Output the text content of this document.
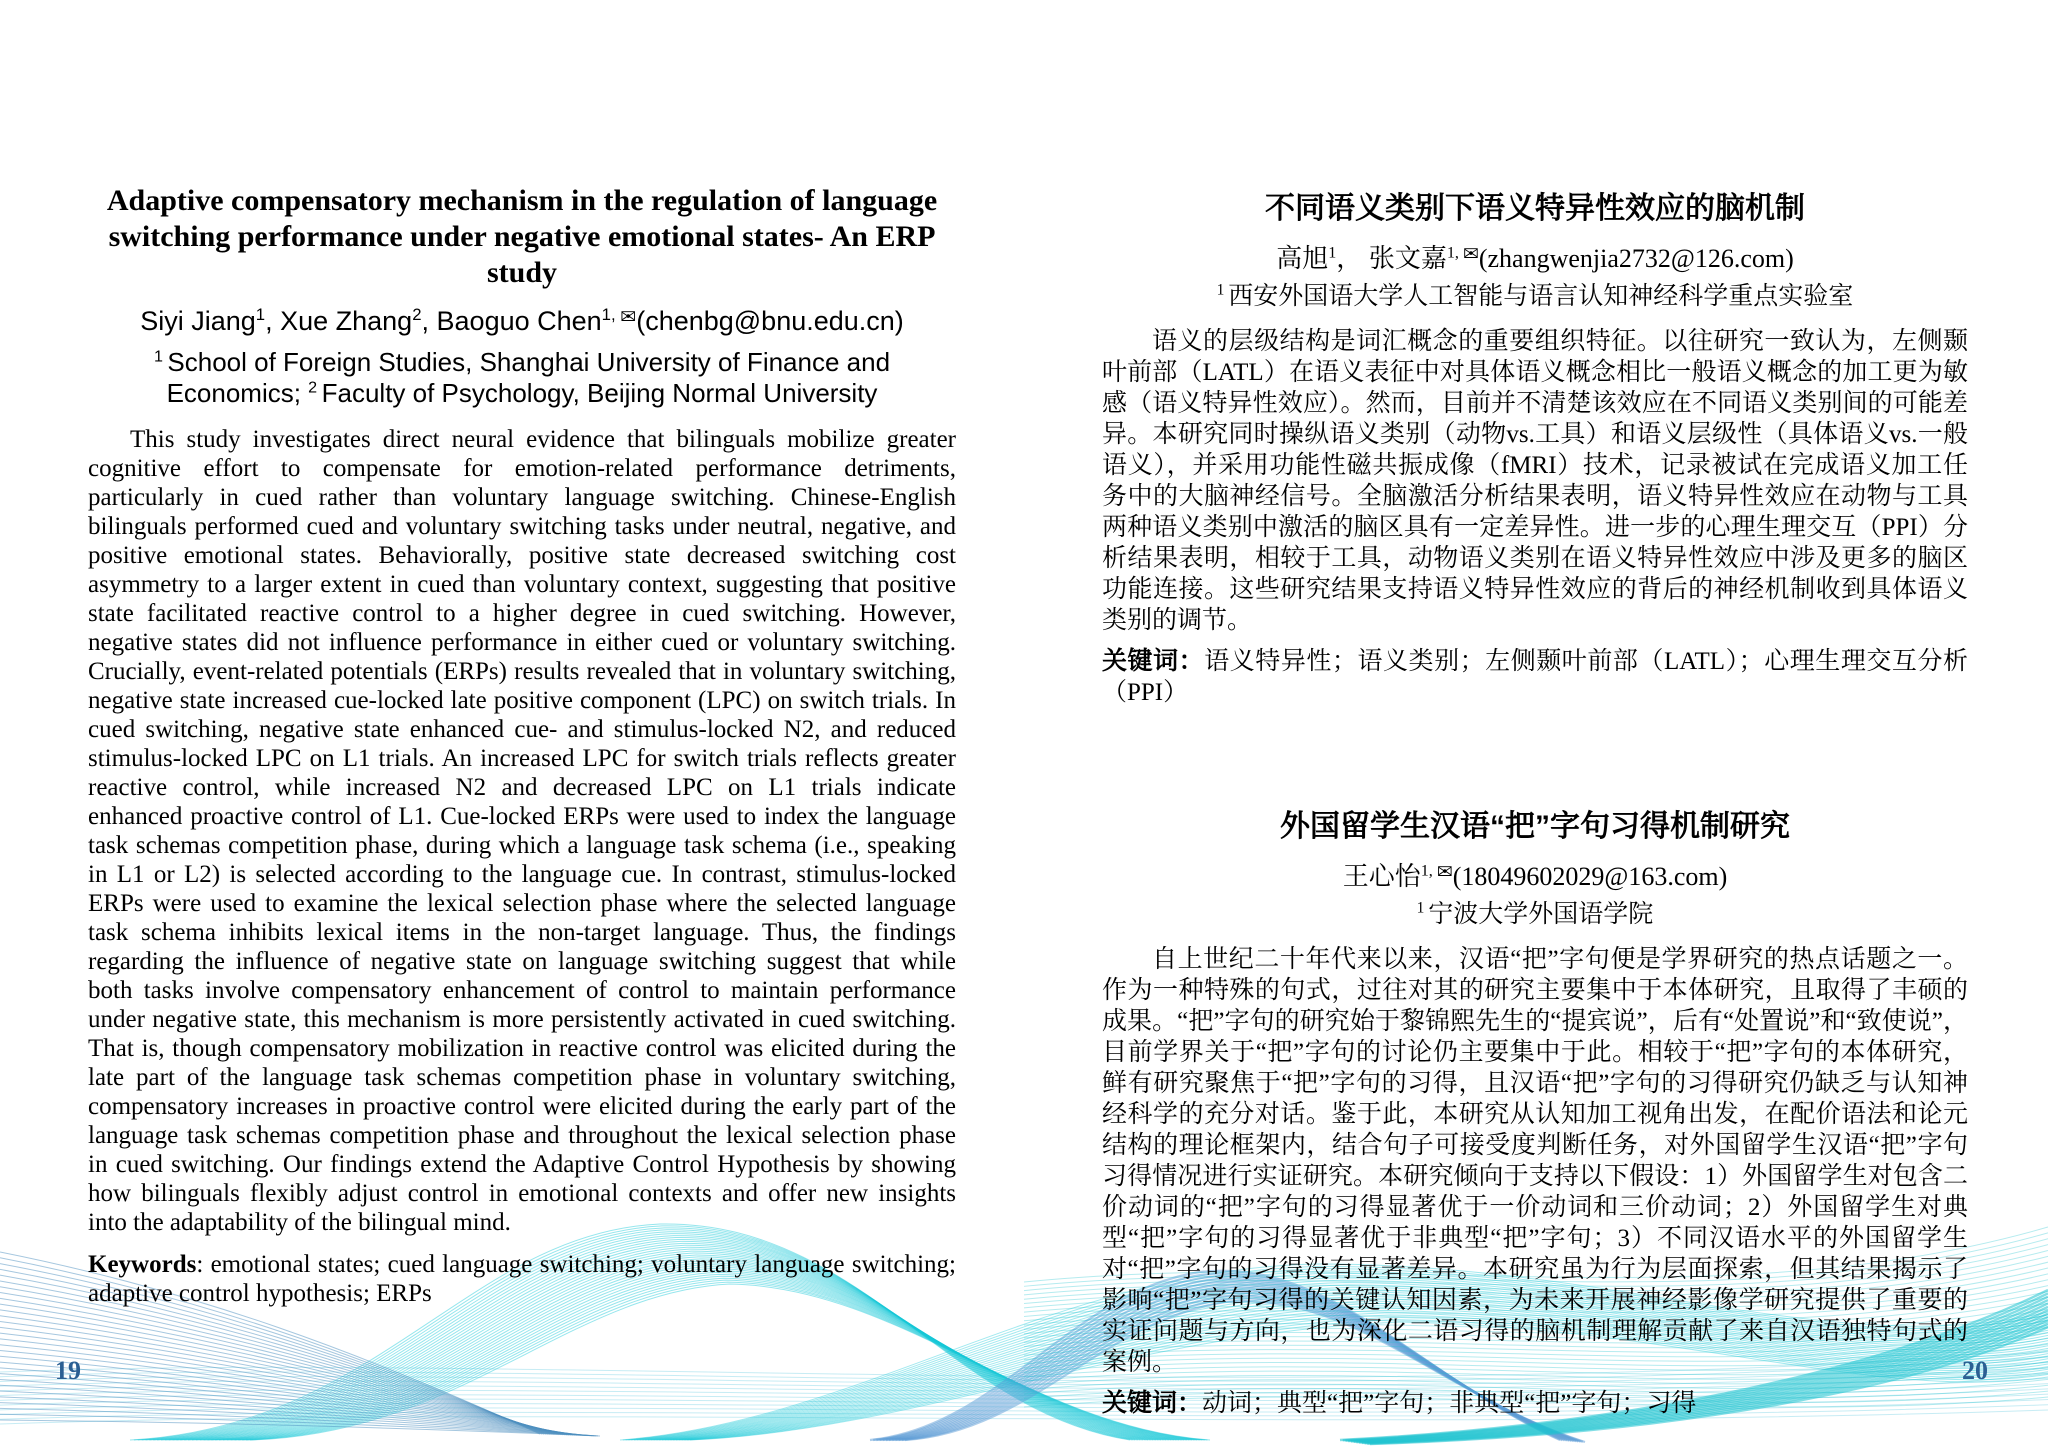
Adaptive compensatory mechanism in the regulation of language switching performance under negative emotional states- An ERP study
Siyi Jiang$^1$, Xue Zhang$^2$, Baoguo Chen$^{1,}$ ✉(chenbg@bnu.edu.cn)
$^1$ School of Foreign Studies, Shanghai University of Finance and Economics; $^2$ Faculty of Psychology, Beijing Normal University

This study investigates direct neural evidence that bilinguals mobilize greater cognitive effort to compensate for emotion-related performance detriments, particularly in cued rather than voluntary language switching. Chinese-English bilinguals performed cued and voluntary switching tasks under neutral, negative, and positive emotional states. Behaviorally, positive state decreased switching cost asymmetry to a larger extent in cued than voluntary context, suggesting that positive state facilitated reactive control to a higher degree in cued switching. However, negative states did not influence performance in either cued or voluntary switching. Crucially, event-related potentials (ERPs) results revealed that in voluntary switching, negative state increased cue-locked late positive component (LPC) on switch trials. In cued switching, negative state enhanced cue- and stimulus-locked N2, and reduced stimulus-locked LPC on L1 trials. An increased LPC for switch trials reflects greater reactive control, while increased N2 and decreased LPC on L1 trials indicate enhanced proactive control of L1. Cue-locked ERPs were used to index the language task schemas competition phase, during which a language task schema (i.e., speaking in L1 or L2) is selected according to the language cue. In contrast, stimulus-locked ERPs were used to examine the lexical selection phase where the selected language task schema inhibits lexical items in the non-target language. Thus, the findings regarding the influence of negative state on language switching suggest that while both tasks involve compensatory enhancement of control to maintain performance under negative state, this mechanism is more persistently activated in cued switching. That is, though compensatory mobilization in reactive control was elicited during the late part of the language task schemas competition phase in voluntary switching, compensatory increases in proactive control were elicited during the early part of the language task schemas competition phase and throughout the lexical selection phase in cued switching. Our findings extend the Adaptive Control Hypothesis by showing how bilinguals flexibly adjust control in emotional contexts and offer new insights into the adaptability of the bilingual mind.

Keywords: emotional states; cued language switching; voluntary language switching; adaptive control hypothesis; ERPs
不同语义类别下语义特异性效应的脑机制
高旭$^1$， 张文嘉$^{1,}$ ✉(zhangwenjia2732@126.com)
$^1$ 西安外国语大学人工智能与语言认知神经科学重点实验室

语义的层级结构是词汇概念的重要组织特征。以往研究一致认为，左侧颞叶前部（LATL）在语义表征中对具体语义概念相比一般语义概念的加工更为敏感（语义特异性效应）。然而，目前并不清楚该效应在不同语义类别间的可能差异。本研究同时操纵语义类别（动物vs.工具）和语义层级性（具体语义vs.一般语义），并采用功能性磁共振成像（fMRI）技术，记录被试在完成语义加工任务中的大脑神经信号。全脑激活分析结果表明，语义特异性效应在动物与工具两种语义类别中激活的脑区具有一定差异性。进一步的心理生理交互（PPI）分析结果表明，相较于工具，动物语义类别在语义特异性效应中涉及更多的脑区功能连接。这些研究结果支持语义特异性效应的背后的神经机制收到具体语义类别的调节。

关键词：语义特异性；语义类别；左侧颞叶前部（LATL）；心理生理交互分析（PPI）
外国留学生汉语“把”字句习得机制研究
王心怡$^{1,}$ ✉(18049602029@163.com)
$^1$ 宁波大学外国语学院

自上世纪二十年代来以来，汉语“把”字句便是学界研究的热点话题之一。作为一种特殊的句式，过往对其的研究主要集中于本体研究，且取得了丰硕的成果。“把”字句的研究始于黎锦熙先生的“提宾说”，后有“处置说”和“致使说”，目前学界关于“把”字句的讨论仍主要集中于此。相较于“把”字句的本体研究，鲜有研究聚焦于“把”字句的习得，且汉语“把”字句的习得研究仍缺乏与认知神经科学的充分对话。鉴于此，本研究从认知加工视角出发，在配价语法和论元结构的理论框架内，结合句子可接受度判断任务，对外国留学生汉语“把”字句习得情况进行实证研究。本研究倾向于支持以下假设：1）外国留学生对包含二价动词的“把”字句的习得显著优于一价动词和三价动词；2）外国留学生对典型“把”字句的习得显著优于非典型“把”字句；3）不同汉语水平的外国留学生对“把”字句的习得没有显著差异。本研究虽为行为层面探索，但其结果揭示了影响“把”字句习得的关键认知因素，为未来开展神经影像学研究提供了重要的实证问题与方向，也为深化二语习得的脑机制理解贡献了来自汉语独特句式的案例。

关键词：动词；典型“把”字句；非典型“把”字句；习得
19	20
